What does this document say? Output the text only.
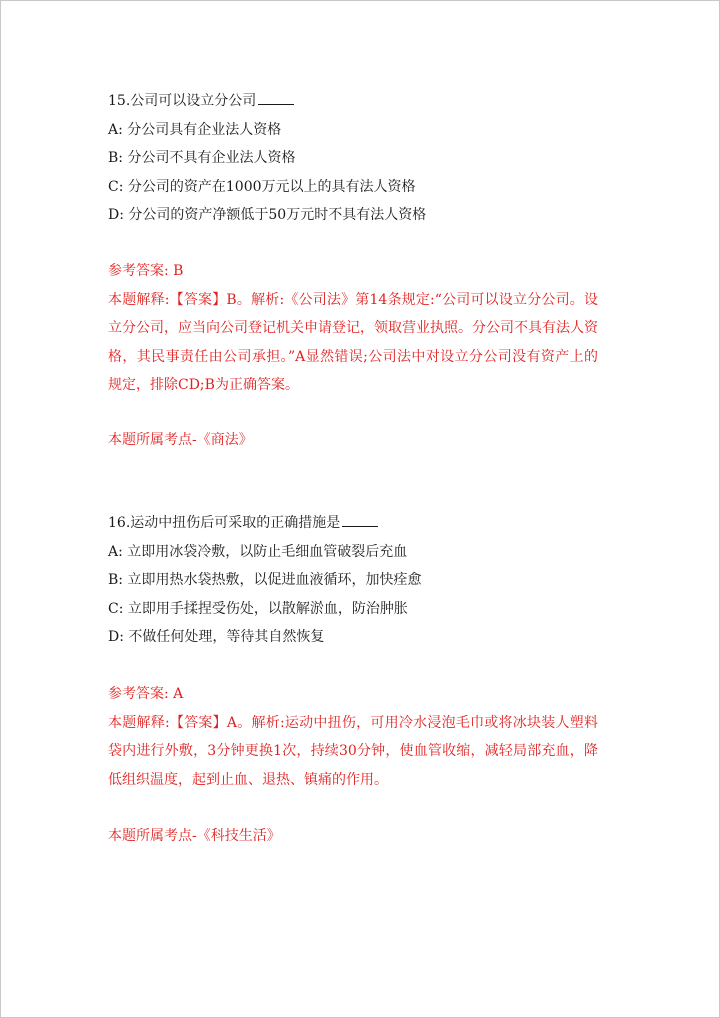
15.公司可以设立分公司
A: 分公司具有企业法人资格
B: 分公司不具有企业法人资格
C: 分公司的资产在1000万元以上的具有法人资格
D: 分公司的资产净额低于50万元时不具有法人资格
参考答案: B
本题解释:【答案】B。解析:《公司法》第14条规定:“公司可以设立分公司。设立分公司，应当向公司登记机关申请登记，领取营业执照。分公司不具有法人资格，其民事责任由公司承担。”A显然错误;公司法中对设立分公司没有资产上的规定，排除CD;B为正确答案。
本题所属考点-《商法》
16.运动中扭伤后可采取的正确措施是
A: 立即用冰袋冷敷，以防止毛细血管破裂后充血
B: 立即用热水袋热敷，以促进血液循环，加快痊愈
C: 立即用手揉捏受伤处，以散解淤血，防治肿胀
D: 不做任何处理，等待其自然恢复
参考答案: A
本题解释:【答案】A。解析:运动中扭伤，可用冷水浸泡毛巾或将冰块装人塑料袋内进行外敷，3分钟更换1次，持续30分钟，使血管收缩，减轻局部充血，降低组织温度，起到止血、退热、镇痛的作用。
本题所属考点-《科技生活》
